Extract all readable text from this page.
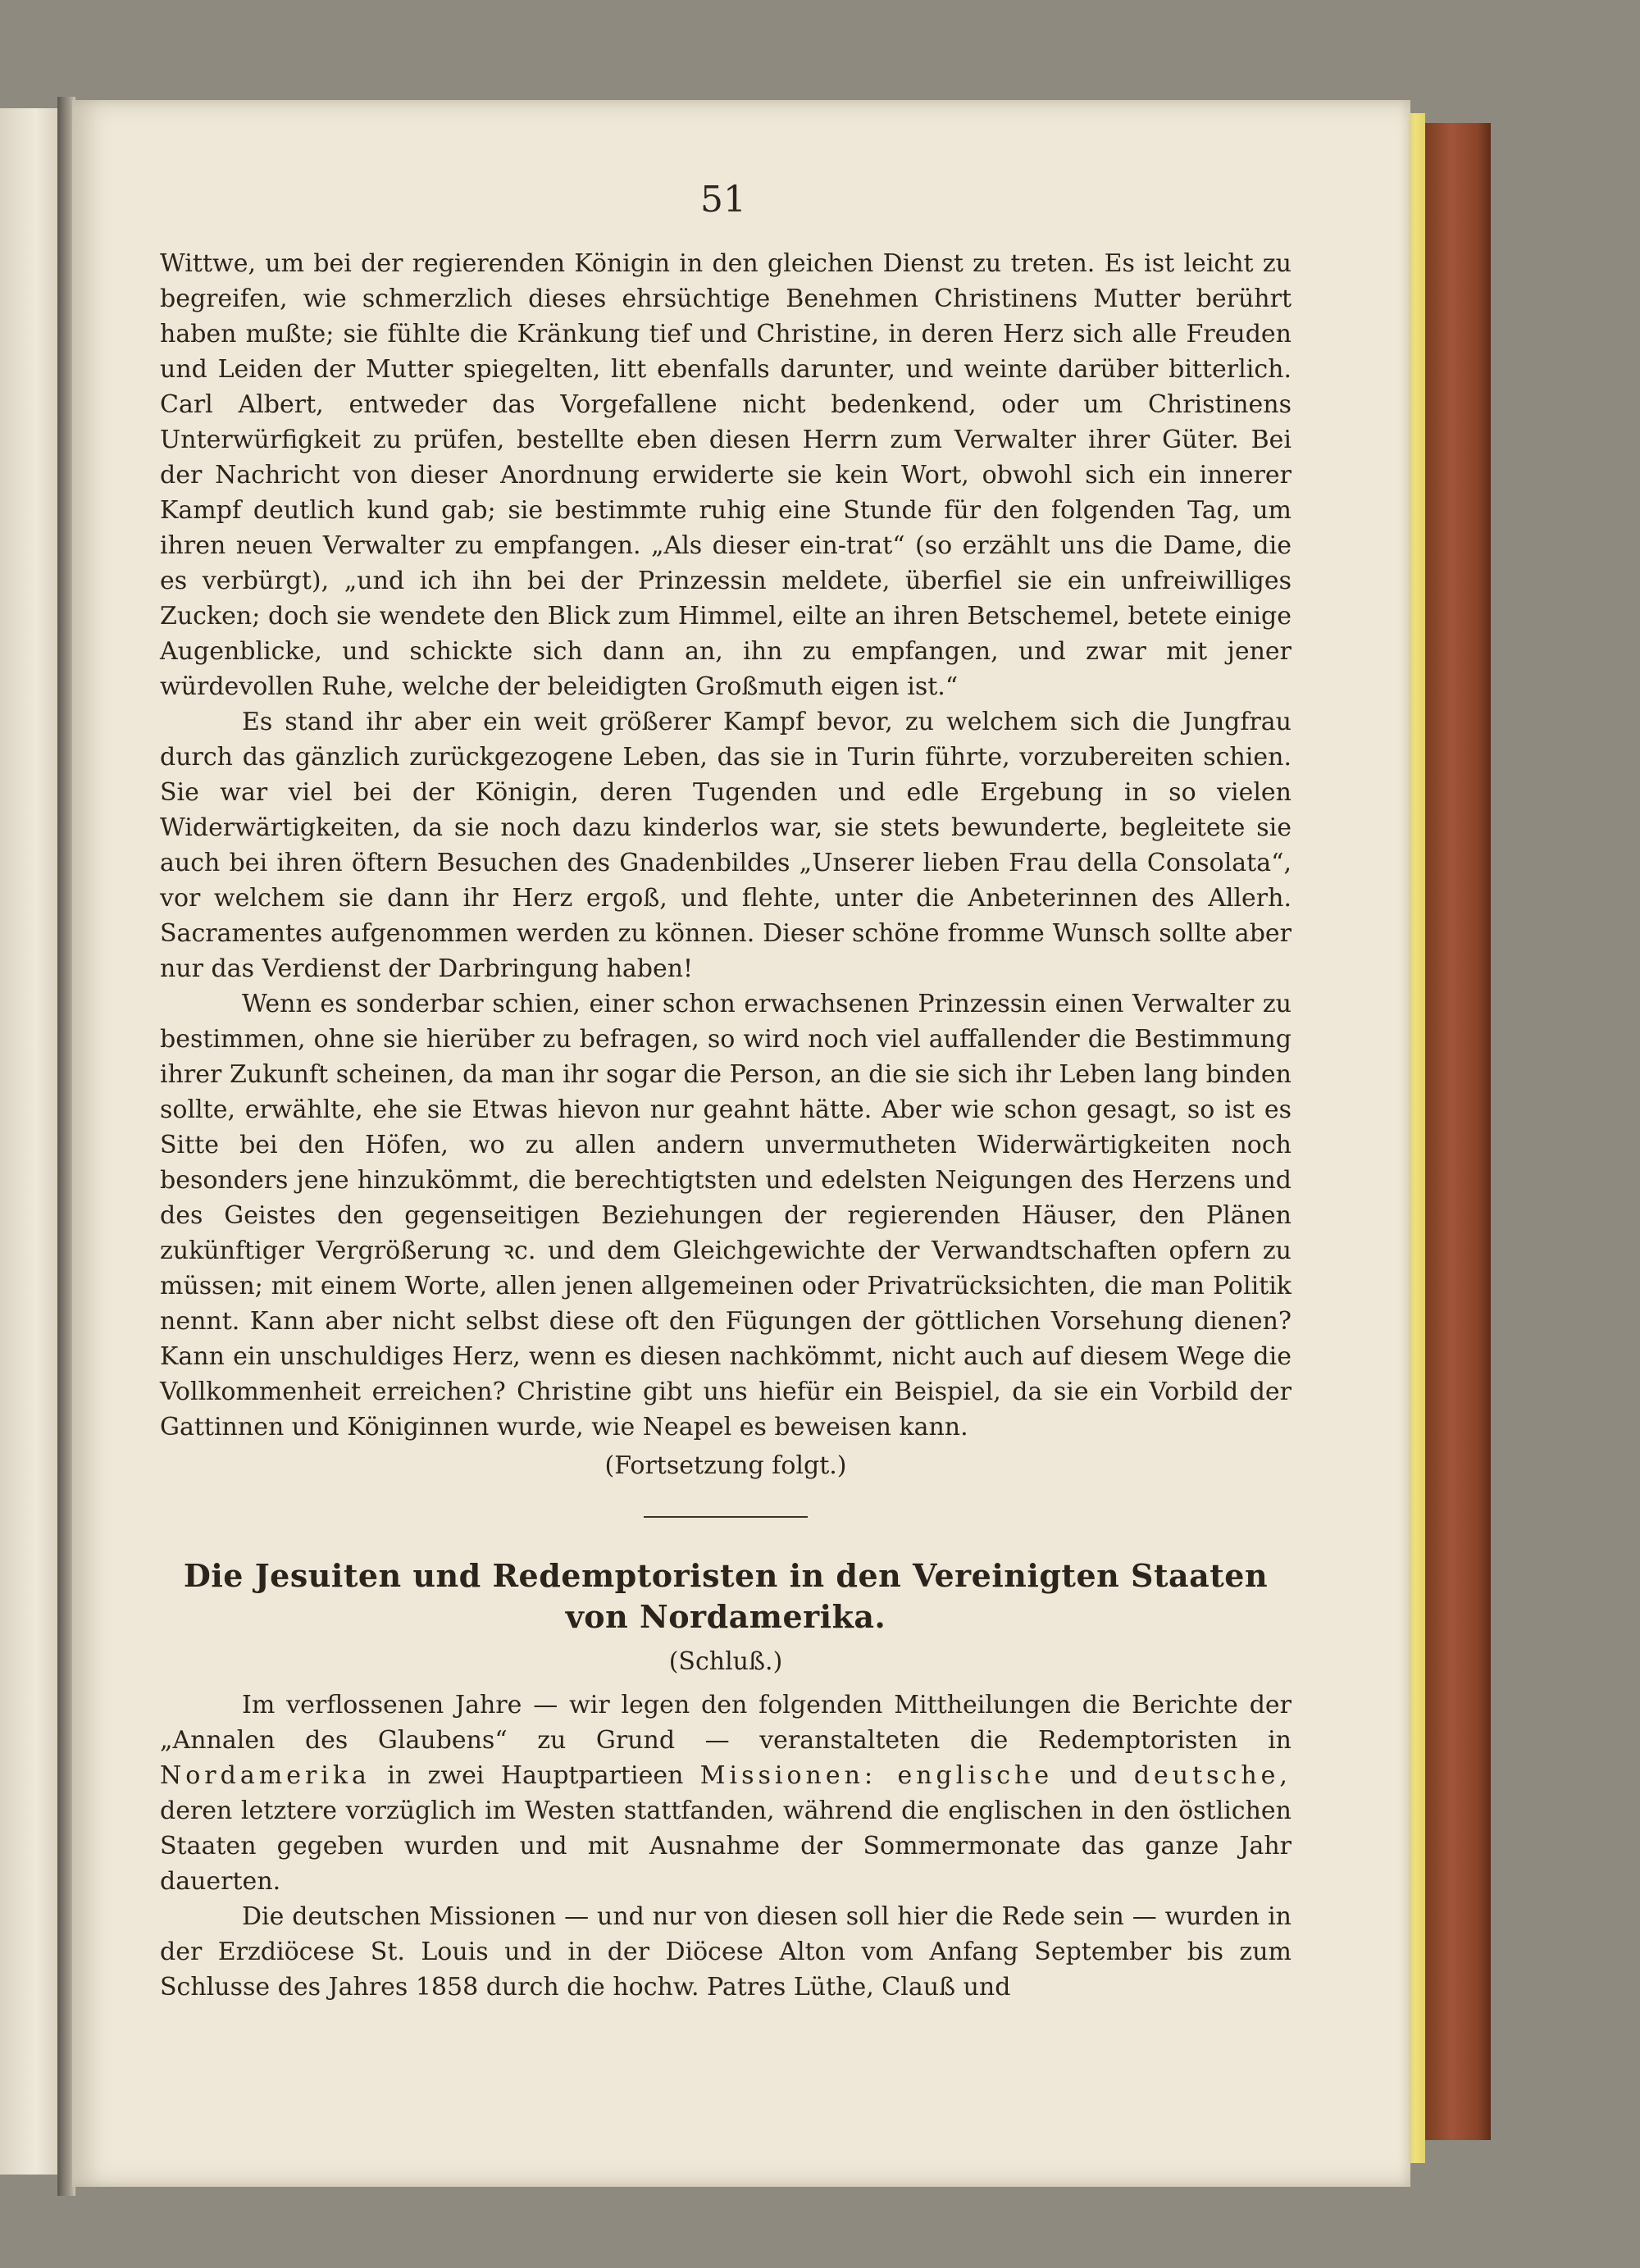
51

Wittwe, um bei der regierenden Königin in den gleichen Dienst zu treten. Es ist leicht zu begreifen, wie schmerzlich dieses ehrsüchtige Benehmen Christinens Mutter berührt haben mußte; sie fühlte die Kränkung tief und Christine, in deren Herz sich alle Freuden und Leiden der Mutter spiegelten, litt ebenfalls darunter, und weinte darüber bitterlich. Carl Albert, entweder das Vorgefallene nicht bedenkend, oder um Christinens Unterwürfigkeit zu prüfen, bestellte eben diesen Herrn zum Verwalter ihrer Güter. Bei der Nachricht von dieser Anordnung erwiderte sie kein Wort, obwohl sich ein innerer Kampf deutlich kund gab; sie bestimmte ruhig eine Stunde für den folgenden Tag, um ihren neuen Verwalter zu empfangen. „Als dieser ein-trat“ (so erzählt uns die Dame, die es verbürgt), „und ich ihn bei der Prinzessin meldete, überfiel sie ein unfreiwilliges Zucken; doch sie wendete den Blick zum Himmel, eilte an ihren Betschemel, betete einige Augenblicke, und schickte sich dann an, ihn zu empfangen, und zwar mit jener würdevollen Ruhe, welche der beleidigten Großmuth eigen ist.“

Es stand ihr aber ein weit größerer Kampf bevor, zu welchem sich die Jungfrau durch das gänzlich zurückgezogene Leben, das sie in Turin führte, vorzubereiten schien. Sie war viel bei der Königin, deren Tugenden und edle Ergebung in so vielen Widerwärtigkeiten, da sie noch dazu kinderlos war, sie stets bewunderte, begleitete sie auch bei ihren öftern Besuchen des Gnadenbildes „Unserer lieben Frau della Consolata“, vor welchem sie dann ihr Herz ergoß, und flehte, unter die Anbeterinnen des Allerh. Sacramentes aufgenommen werden zu können. Dieser schöne fromme Wunsch sollte aber nur das Verdienst der Darbringung haben!

Wenn es sonderbar schien, einer schon erwachsenen Prinzessin einen Verwalter zu bestimmen, ohne sie hierüber zu befragen, so wird noch viel auffallender die Bestimmung ihrer Zukunft scheinen, da man ihr sogar die Person, an die sie sich ihr Leben lang binden sollte, erwählte, ehe sie Etwas hievon nur geahnt hätte. Aber wie schon gesagt, so ist es Sitte bei den Höfen, wo zu allen andern unvermutheten Widerwärtigkeiten noch besonders jene hinzukömmt, die berechtigtsten und edelsten Neigungen des Herzens und des Geistes den gegenseitigen Beziehungen der regierenden Häuser, den Plänen zukünftiger Vergrößerung ꝛc. und dem Gleichgewichte der Verwandtschaften opfern zu müssen; mit einem Worte, allen jenen allgemeinen oder Privatrücksichten, die man Politik nennt. Kann aber nicht selbst diese oft den Fügungen der göttlichen Vorsehung dienen? Kann ein unschuldiges Herz, wenn es diesen nachkömmt, nicht auch auf diesem Wege die Vollkommenheit erreichen? Christine gibt uns hiefür ein Beispiel, da sie ein Vorbild der Gattinnen und Königinnen wurde, wie Neapel es beweisen kann.

(Fortsetzung folgt.)

Die Jesuiten und Redemptoristen in den Vereinigten Staaten
von Nordamerika.

(Schluß.)

Im verflossenen Jahre — wir legen den folgenden Mittheilungen die Berichte der „Annalen des Glaubens“ zu Grund — veranstalteten die Redemptoristen in Nordamerika in zwei Hauptpartieen Missionen: englische und deutsche, deren letztere vorzüglich im Westen stattfanden, während die englischen in den östlichen Staaten gegeben wurden und mit Ausnahme der Sommermonate das ganze Jahr dauerten.

Die deutschen Missionen — und nur von diesen soll hier die Rede sein — wurden in der Erzdiöcese St. Louis und in der Diöcese Alton vom Anfang September bis zum Schlusse des Jahres 1858 durch die hochw. Patres Lüthe, Clauß und
